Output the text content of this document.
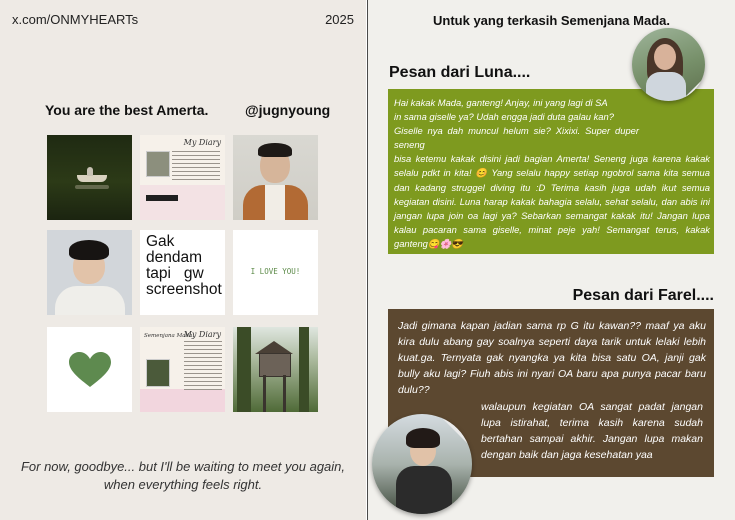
x.com/ONMYHEARTs	2025
You are the best Amerta.	@jugnyoung
My Diary
Gak
dendam
tapi   gw
screenshot
I LOVE YOU!
Semenjana Mada.
My Diary
For now, goodbye... but I'll be waiting to meet you again, when everything feels right.
Untuk yang terkasih Semenjana Mada.
Pesan dari Luna....
Hai kakak Mada, ganteng! Anjay, ini yang lagi di SA
in sama giselle ya? Udah engga jadi duta galau kan?
Giselle nya dah muncul helum sie? Xixixi. Super duper seneng
bisa ketemu kakak disini jadi bagian Amerta! Seneng juga karena kakak selalu pdkt in kita! 😊 Yang selalu happy setiap ngobrol sama kita semua dan kadang struggel diving itu :D Terima kasih juga udah ikut semua kegiatan disini. Luna harap kakak bahagia selalu, sehat selalu, dan abis ini jangan lupa join oa lagi ya? Sebarkan semangat kakak itu! Jangan lupa kalau pacaran sama giselle, minat peje yah! Semangat terus, kakak ganteng😋🌸😎
Pesan dari Farel....
Jadi gimana kapan jadian sama rp G itu kawan?? maaf ya aku kira dulu abang gay soalnya seperti daya tarik untuk lelaki lebih kuat.ga. Ternyata gak nyangka ya kita bisa satu OA, janji gak bully aku lagi? Fiuh abis ini nyari OA baru apa punya pacar baru dulu??
walaupun kegiatan OA sangat padat jangan lupa istirahat, terima kasih karena sudah bertahan sampai akhir. Jangan lupa makan dengan baik dan jaga kesehatan yaa
